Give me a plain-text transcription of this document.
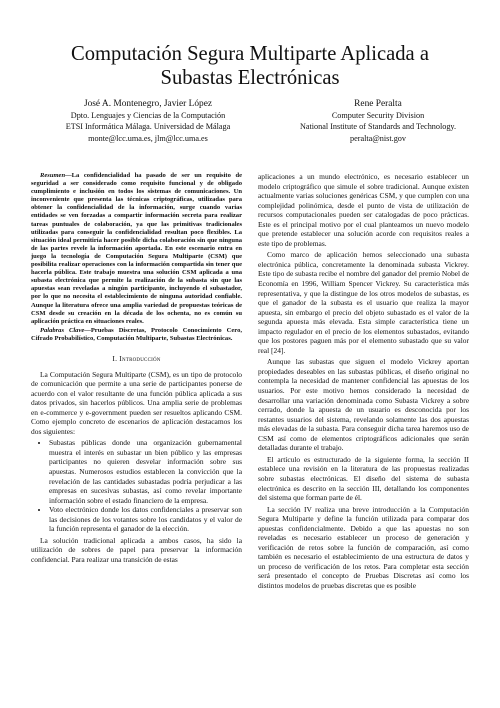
Computación Segura Multiparte Aplicada a
Subastas Electrónicas
José A. Montenegro, Javier López
Dpto. Lenguajes y Ciencias de la Computación
ETSI Informática Málaga. Universidad de Málaga
monte@lcc.uma.es, jlm@lcc.uma.es
Rene Peralta
Computer Security Division
National Institute of Standards and Technology.
peralta@nist.gov

Resumen—La confidencialidad ha pasado de ser un requisito de seguridad a ser considerado como requisito funcional y de obligado cumplimiento e inclusión en todos los sistemas de comunicaciones. Un inconveniente que presenta las técnicas criptográficas, utilizadas para obtener la confidencialidad de la información, surge cuando varias entidades se ven forzadas a compartir información secreta para realizar tareas puntuales de colaboración, ya que las primitivas tradicionales utilizadas para conseguir la confidencialidad resultan poco flexibles. La situación ideal permitiría hacer posible dicha colaboración sin que ninguna de las partes revele la información aportada. En este escenario entra en juego la tecnología de Computación Segura Multiparte (CSM) que posibilita realizar operaciones con la información compartida sin tener que hacerla pública. Este trabajo muestra una solución CSM aplicada a una subasta electrónica que permite la realización de la subasta sin que las apuestas sean reveladas a ningún participante, incluyendo el subastador, por lo que no necesita el establecimiento de ninguna autoridad confiable. Aunque la literatura ofrece una amplia variedad de propuestas teóricas de CSM desde su creación en la década de los ochenta, no es común su aplicación práctica en situaciones reales.

Palabras Clave—Pruebas Discretas, Protocolo Conocimiento Cero, Cifrado Probabilístico, Computación Multiparte, Subastas Electrónicas.

I. Introducción

La Computación Segura Multiparte (CSM), es un tipo de protocolo de comunicación que permite a una serie de participantes ponerse de acuerdo con el valor resultante de una función pública aplicada a sus datos privados, sin hacerlos públicos. Una amplia serie de problemas en e-commerce y e-government pueden ser resueltos aplicando CSM. Como ejemplo concreto de escenarios de aplicación destacamos los dos siguientes:

• Subastas públicas donde una organización gubernamental muestra el interés en subastar un bien público y las empresas participantes no quieren desvelar información sobre sus apuestas. Numerosos estudios establecen la convicción que la revelación de las cantidades subastadas podría perjudicar a las empresas en sucesivas subastas, así como revelar importante información sobre el estado financiero de la empresa.
• Voto electrónico donde los datos confidenciales a preservar son las decisiones de los votantes sobre los candidatos y el valor de la función representa el ganador de la elección.

La solución tradicional aplicada a ambos casos, ha sido la utilización de sobres de papel para preservar la información confidencial. Para realizar una transición de estas

aplicaciones a un mundo electrónico, es necesario establecer un modelo criptográfico que simule el sobre tradicional. Aunque existen actualmente varias soluciones genéricas CSM, y que cumplen con una complejidad polinómica, desde el punto de vista de utilización de recursos computacionales pueden ser catalogadas de poco prácticas. Este es el principal motivo por el cual planteamos un nuevo modelo que pretende establecer una solución acorde con requisitos reales a este tipo de problemas.

Como marco de aplicación hemos seleccionado una subasta electrónica pública, concretamente la denominada subasta Vickrey. Este tipo de subasta recibe el nombre del ganador del premio Nobel de Economía en 1996, William Spencer Vickrey. Su característica más representativa, y que la distingue de los otros modelos de subastas, es que el ganador de la subasta es el usuario que realiza la mayor apuesta, sin embargo el precio del objeto subastado es el valor de la segunda apuesta más elevada. Esta simple característica tiene un impacto regulador en el precio de los elementos subastados, evitando que los postores paguen más por el elemento subastado que su valor real [24].

Aunque las subastas que siguen el modelo Vickrey aportan propiedades deseables en las subastas públicas, el diseño original no contempla la necesidad de mantener confidencial las apuestas de los usuarios. Por este motivo hemos considerado la necesidad de desarrollar una variación denominada como Subasta Vickrey a sobre cerrado, donde la apuesta de un usuario es desconocida por los restantes usuarios del sistema, revelando solamente las dos apuestas más elevadas de la subasta. Para conseguir dicha tarea haremos uso de CSM así como de elementos criptográficos adicionales que serán detalladas durante el trabajo.

El artículo es estructurado de la siguiente forma, la sección II establece una revisión en la literatura de las propuestas realizadas sobre subastas electrónicas. El diseño del sistema de subasta electrónica es descrito en la sección III, detallando los componentes del sistema que forman parte de él.

La sección IV realiza una breve introducción a la Computación Segura Multiparte y define la función utilizada para comparar dos apuestas confidencialmente. Debido a que las apuestas no son reveladas es necesario establecer un proceso de generación y verificación de retos sobre la función de comparación, así como también es necesario el establecimiento de una estructura de datos y un proceso de verificación de los retos. Para completar esta sección será presentado el concepto de Pruebas Discretas así como los distintos modelos de pruebas discretas que es posible
